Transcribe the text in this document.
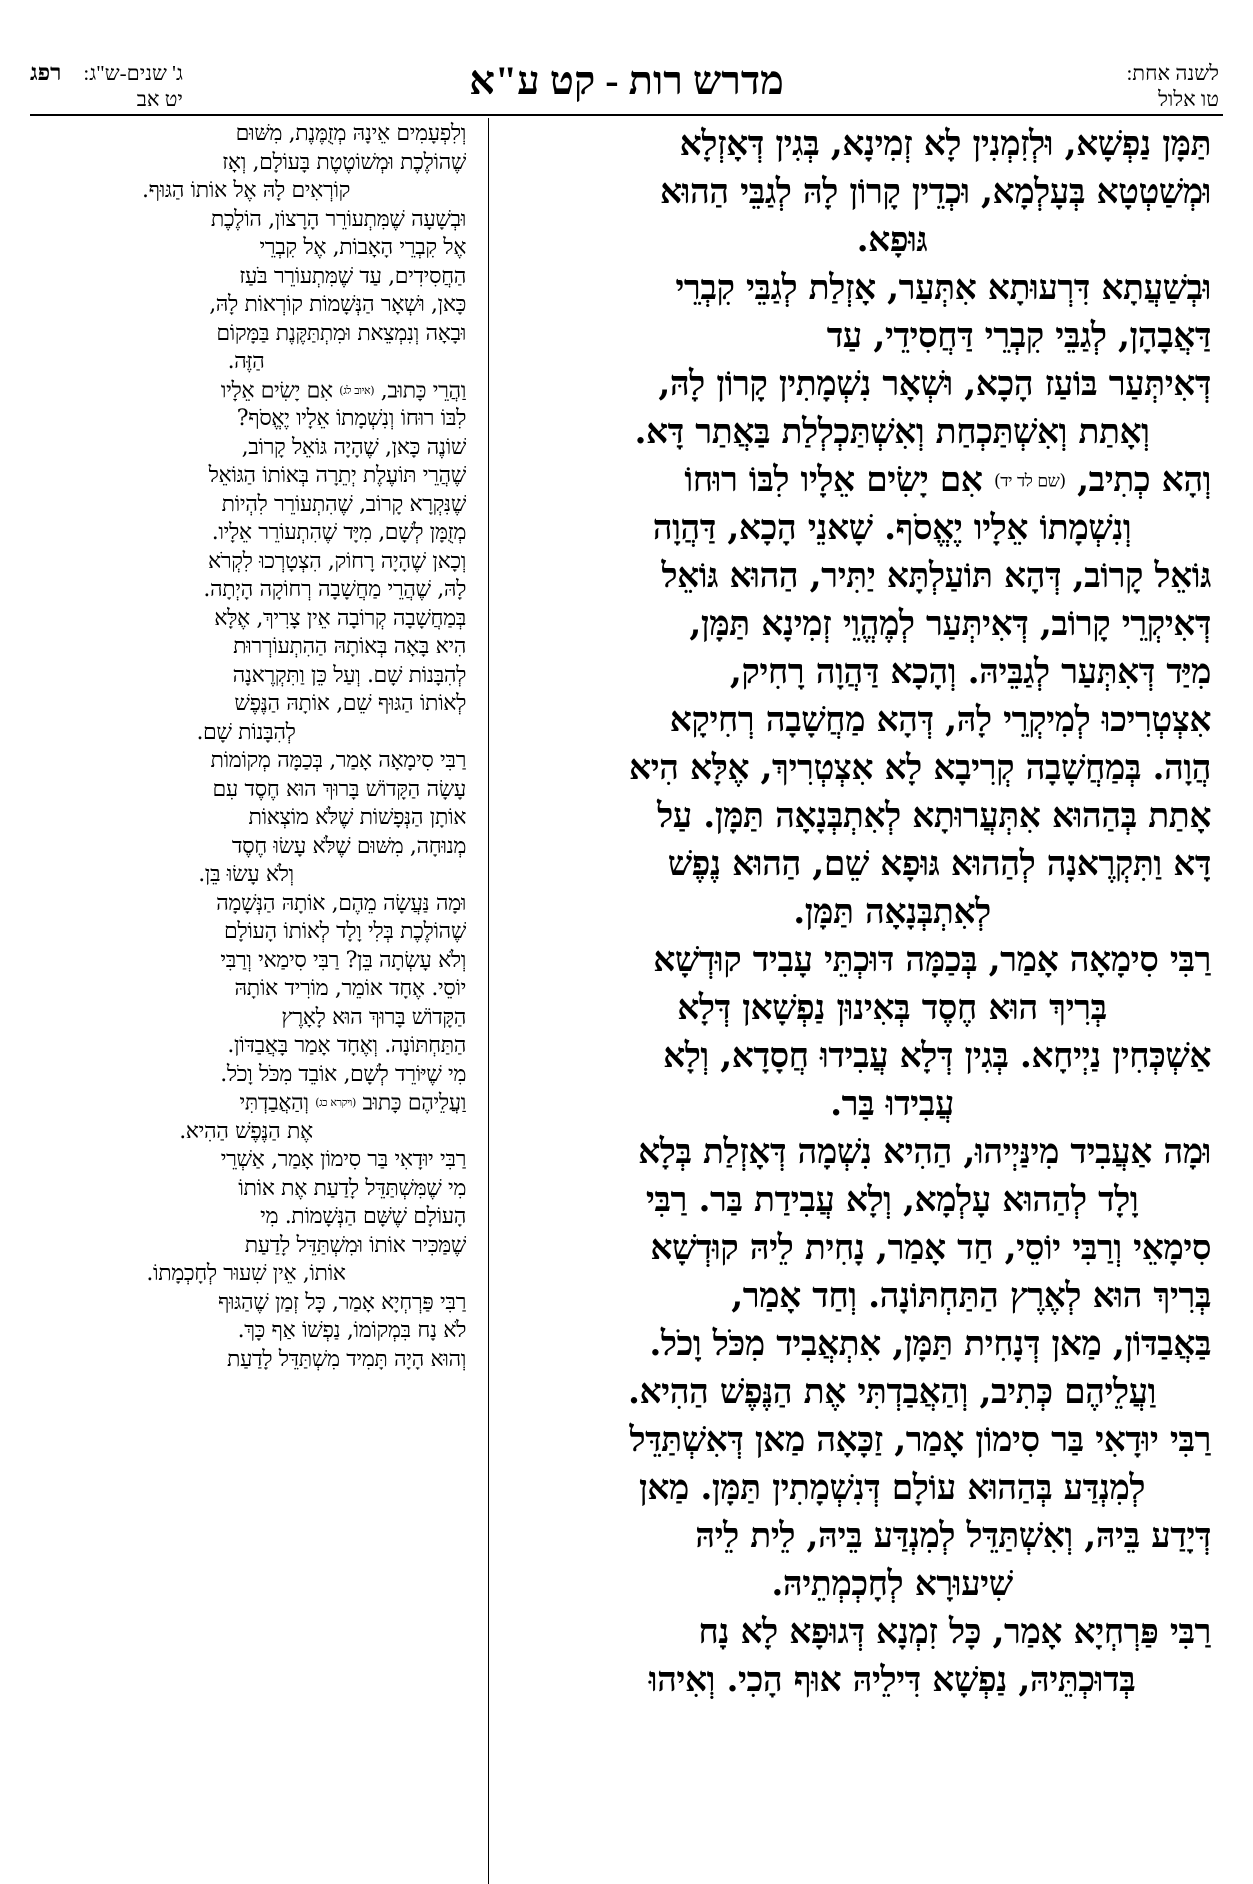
לשנה אחת:
טו אלול
מדרש רות - קט ע"א
ג' שנים-ש"ג:
יט אב
רפג
תַּמָּן נַפְשָׁא, וּלְזִמְנִין לָא זְמִינָא, בְּגִין דְּאָזְלָא
וּמְשַׁטְטָא בְּעָלְמָא, וּכְדֵין קָרוֹן לָהּ לְגַבֵּי הַהוּא
גּוּפָא.
וּבְשַׁעֲתָא דִּרְעוּתָא אִתְּעַר, אָזְלַת לְגַבֵּי קִבְרֵי
דַּאֲבָהָן, לְגַבֵּי קִבְרֵי דַּחֲסִידֵי, עַד
דְּאִיתְּעַר בּוֹעַז הָכָא, וּשְׁאָר נִשְׁמָתִין קָרוֹן לָהּ,
וְאָתַת וְאִשְׁתַּכְחַת וְאִשְׁתַּכְלְלַת בַּאֲתַר דָּא.
וְהָא כְתִיב, (שם לד יד) אִם יָשִׂים אֵלָיו לִבּוֹ רוּחוֹ
וְנִשְׁמָתוֹ אֵלָיו יֶאֱסֹף. שָׁאנֵי הָכָא, דַּהֲוָה
גּוֹאֵל קָרוֹב, דְּהָא תּוֹעַלְתָּא יַתִּיר, הַהוּא גּוֹאֵל
דְּאִיקְרֵי קָרוֹב, דְּאִיתְּעַר לְמֶהֱוֵי זְמִינָא תַּמָּן,
מִיַּד דְּאִתְּעַר לְגַבֵּיהּ. וְהָכָא דַּהֲוָה רָחִיק,
אִצְטְרִיכוּ לְמִיקְרֵי לָהּ, דְּהָא מַחֲשָׁבָה רְחִיקָא
הֲוָה. בְּמַחֲשָׁבָה קְרִיבָא לָא אִצְטְרִיךְ, אֶלָּא הִיא
אָתַת בְּהַהוּא אִתְּעֲרוּתָא לְאִתְבְּנָאָה תַּמָּן. עַל
דָּא וַתִּקְרֶאנָה לְהַהוּא גּוּפָא שֵׁם, הַהוּא נֶפֶשׁ
לְאִתְבְּנָאָה תַּמָּן.
רַבִּי סִימָאָה אָמַר, בְּכַמָּה דּוּכְתֵּי עָבִיד קוּדְשָׁא
בְּרִיךְ הוּא חֶסֶד בְּאִינוּן נַפְשָׁאן דְּלָא
אַשְׁכְּחִין נַיְיחָא. בְּגִין דְּלָא עֲבִידוּ חֲסָדָא, וְלָא
עֲבִידוּ בַּר.
וּמָה אַעֲבִיד מִינַּיְיהוּ, הַהִיא נִשְׁמָה דְּאָזְלַת בְּלָא
וָלָד לְהַהוּא עָלְמָא, וְלָא עֲבִידַת בַּר. רַבִּי
סִימָאֵי וְרַבִּי יוֹסֵי, חַד אָמַר, נָחִית לֵיהּ קוּדְשָׁא
בְּרִיךְ הוּא לְאֶרֶץ הַתַּחְתּוֹנָה. וְחַד אָמַר,
בַּאֲבַדּוֹן, מַאן דְּנָחִית תַּמָּן, אִתְאֲבִיד מִכֹּל וָכֹל.
וַעֲלֵיהֶם כְּתִיב, וְהַאֲבַדְתִּי אֶת הַנֶּפֶשׁ הַהִיא.
רַבִּי יוּדָאִי בַּר סִימוֹן אָמַר, זַכָּאָה מַאן דְּאִשְׁתַּדֵּל
לְמִנְדַּע בְּהַהוּא עוֹלָם דְּנִשְׁמָתִין תַּמָּן. מַאן
דְּיָדַע בֵּיהּ, וְאִשְׁתַּדֵּל לְמִנְדַּע בֵּיהּ, לֵית לֵיהּ
שִׁיעוּרָא לְחָכְמְתֵיהּ.
רַבִּי פַּרְחְיָא אָמַר, כָּל זִמְנָא דְּגוּפָא לָא נָח
בְּדוּכְתֵּיהּ, נַפְשָׁא דִּילֵיהּ אוּף הָכִי. וְאִיהוּ
וְלִפְעָמִים אֵינָהּ מְזֻמֶּנֶת, מִשּׁוּם
שֶׁהוֹלֶכֶת וּמְשׁוֹטֶטֶת בָּעוֹלָם, וְאָז
קוֹרְאִים לָהּ אֶל אוֹתוֹ הַגּוּף.
וּבְשָׁעָה שֶׁמִּתְעוֹרֵר הָרָצוֹן, הוֹלֶכֶת
אֶל קִבְרֵי הָאָבוֹת, אֶל קִבְרֵי
הַחֲסִידִים, עַד שֶׁמִּתְעוֹרֵר בֹּעַז
כָּאן, וּשְׁאָר הַנְּשָׁמוֹת קוֹרְאוֹת לָהּ,
וּבָאָה וְנִמְצֵאת וּמִתְתַּקֶּנֶת בַּמָּקוֹם
הַזֶּה.
וַהֲרֵי כָּתוּב, (איוב לג) אִם יָשִׂים אֵלָיו
לִבּוֹ רוּחוֹ וְנִשְׁמָתוֹ אֵלָיו יֶאֱסֹף?
שׁוֹנֶה כָּאן, שֶׁהָיָה גּוֹאֵל קָרוֹב,
שֶׁהֲרֵי תּוֹעֶלֶת יְתֵרָה בְּאוֹתוֹ הַגּוֹאֵל
שֶׁנִּקְרָא קָרוֹב, שֶׁהִתְעוֹרֵר לִהְיוֹת
מְזֻמָּן לְשָׁם, מִיָּד שֶׁהִתְעוֹרֵר אֵלָיו.
וְכָאן שֶׁהָיָה רָחוֹק, הִצְטָרְכוּ לִקְרֹא
לָהּ, שֶׁהֲרֵי מַחֲשָׁבָה רְחוֹקָה הָיְתָה.
בְּמַחֲשָׁבָה קְרוֹבָה אֵין צָרִיךְ, אֶלָּא
הִיא בָּאָה בְּאוֹתָהּ הַהִתְעוֹרְרוּת
לְהִבָּנוֹת שָׁם. וְעַל כֵּן וַתִּקְרֶאנָה
לְאוֹתוֹ הַגּוּף שֵׁם, אוֹתָהּ הַנֶּפֶשׁ
לְהִבָּנוֹת שָׁם.
רַבִּי סִימָאָה אָמַר, בְּכַמָּה מְקוֹמוֹת
עָשָׂה הַקָּדוֹשׁ בָּרוּךְ הוּא חֶסֶד עִם
אוֹתָן הַנְּפָשׁוֹת שֶׁלֹּא מוֹצְאוֹת
מְנוּחָה, מִשּׁוּם שֶׁלֹּא עָשׂוּ חֶסֶד
וְלֹא עָשׂוּ בֵּן.
וּמָה נַּעֲשָׂה מֵהֶם, אוֹתָהּ הַנְּשָׁמָה
שֶׁהוֹלֶכֶת בְּלִי וָלָד לְאוֹתוֹ הָעוֹלָם
וְלֹא עָשְׂתָה בֵּן? רַבִּי סִימַאי וְרַבִּי
יוֹסֵי. אֶחָד אוֹמֵר, מוֹרִיד אוֹתָהּ
הַקָּדוֹשׁ בָּרוּךְ הוּא לָאָרֶץ
הַתַּחְתּוֹנָה. וְאֶחָד אָמַר בָּאֲבַדּוֹן.
מִי שֶׁיּוֹרֵד לְשָׁם, אוֹבֵד מִכֹּל וָכֹל.
וַעֲלֵיהֶם כָּתוּב (ויקרא כג) וְהַאֲבַדְתִּי
אֶת הַנֶּפֶשׁ הַהִיא.
רַבִּי יוּדָאִי בַּר סִימוֹן אָמַר, אַשְׁרֵי
מִי שֶׁמִּשְׁתַּדֵּל לָדַעַת אֶת אוֹתוֹ
הָעוֹלָם שֶׁשָּׁם הַנְּשָׁמוֹת. מִי
שֶׁמַּכִּיר אוֹתוֹ וּמִשְׁתַּדֵּל לָדַעַת
אוֹתוֹ, אֵין שִׁעוּר לְחָכְמָתוֹ.
רַבִּי פַּרְחְיָא אָמַר, כָּל זְמַן שֶׁהַגּוּף
לֹא נָח בִּמְקוֹמוֹ, נַפְשׁוֹ אַף כָּךְ.
וְהוּא הָיָה תָּמִיד מִשְׁתַּדֵּל לָדַעַת
